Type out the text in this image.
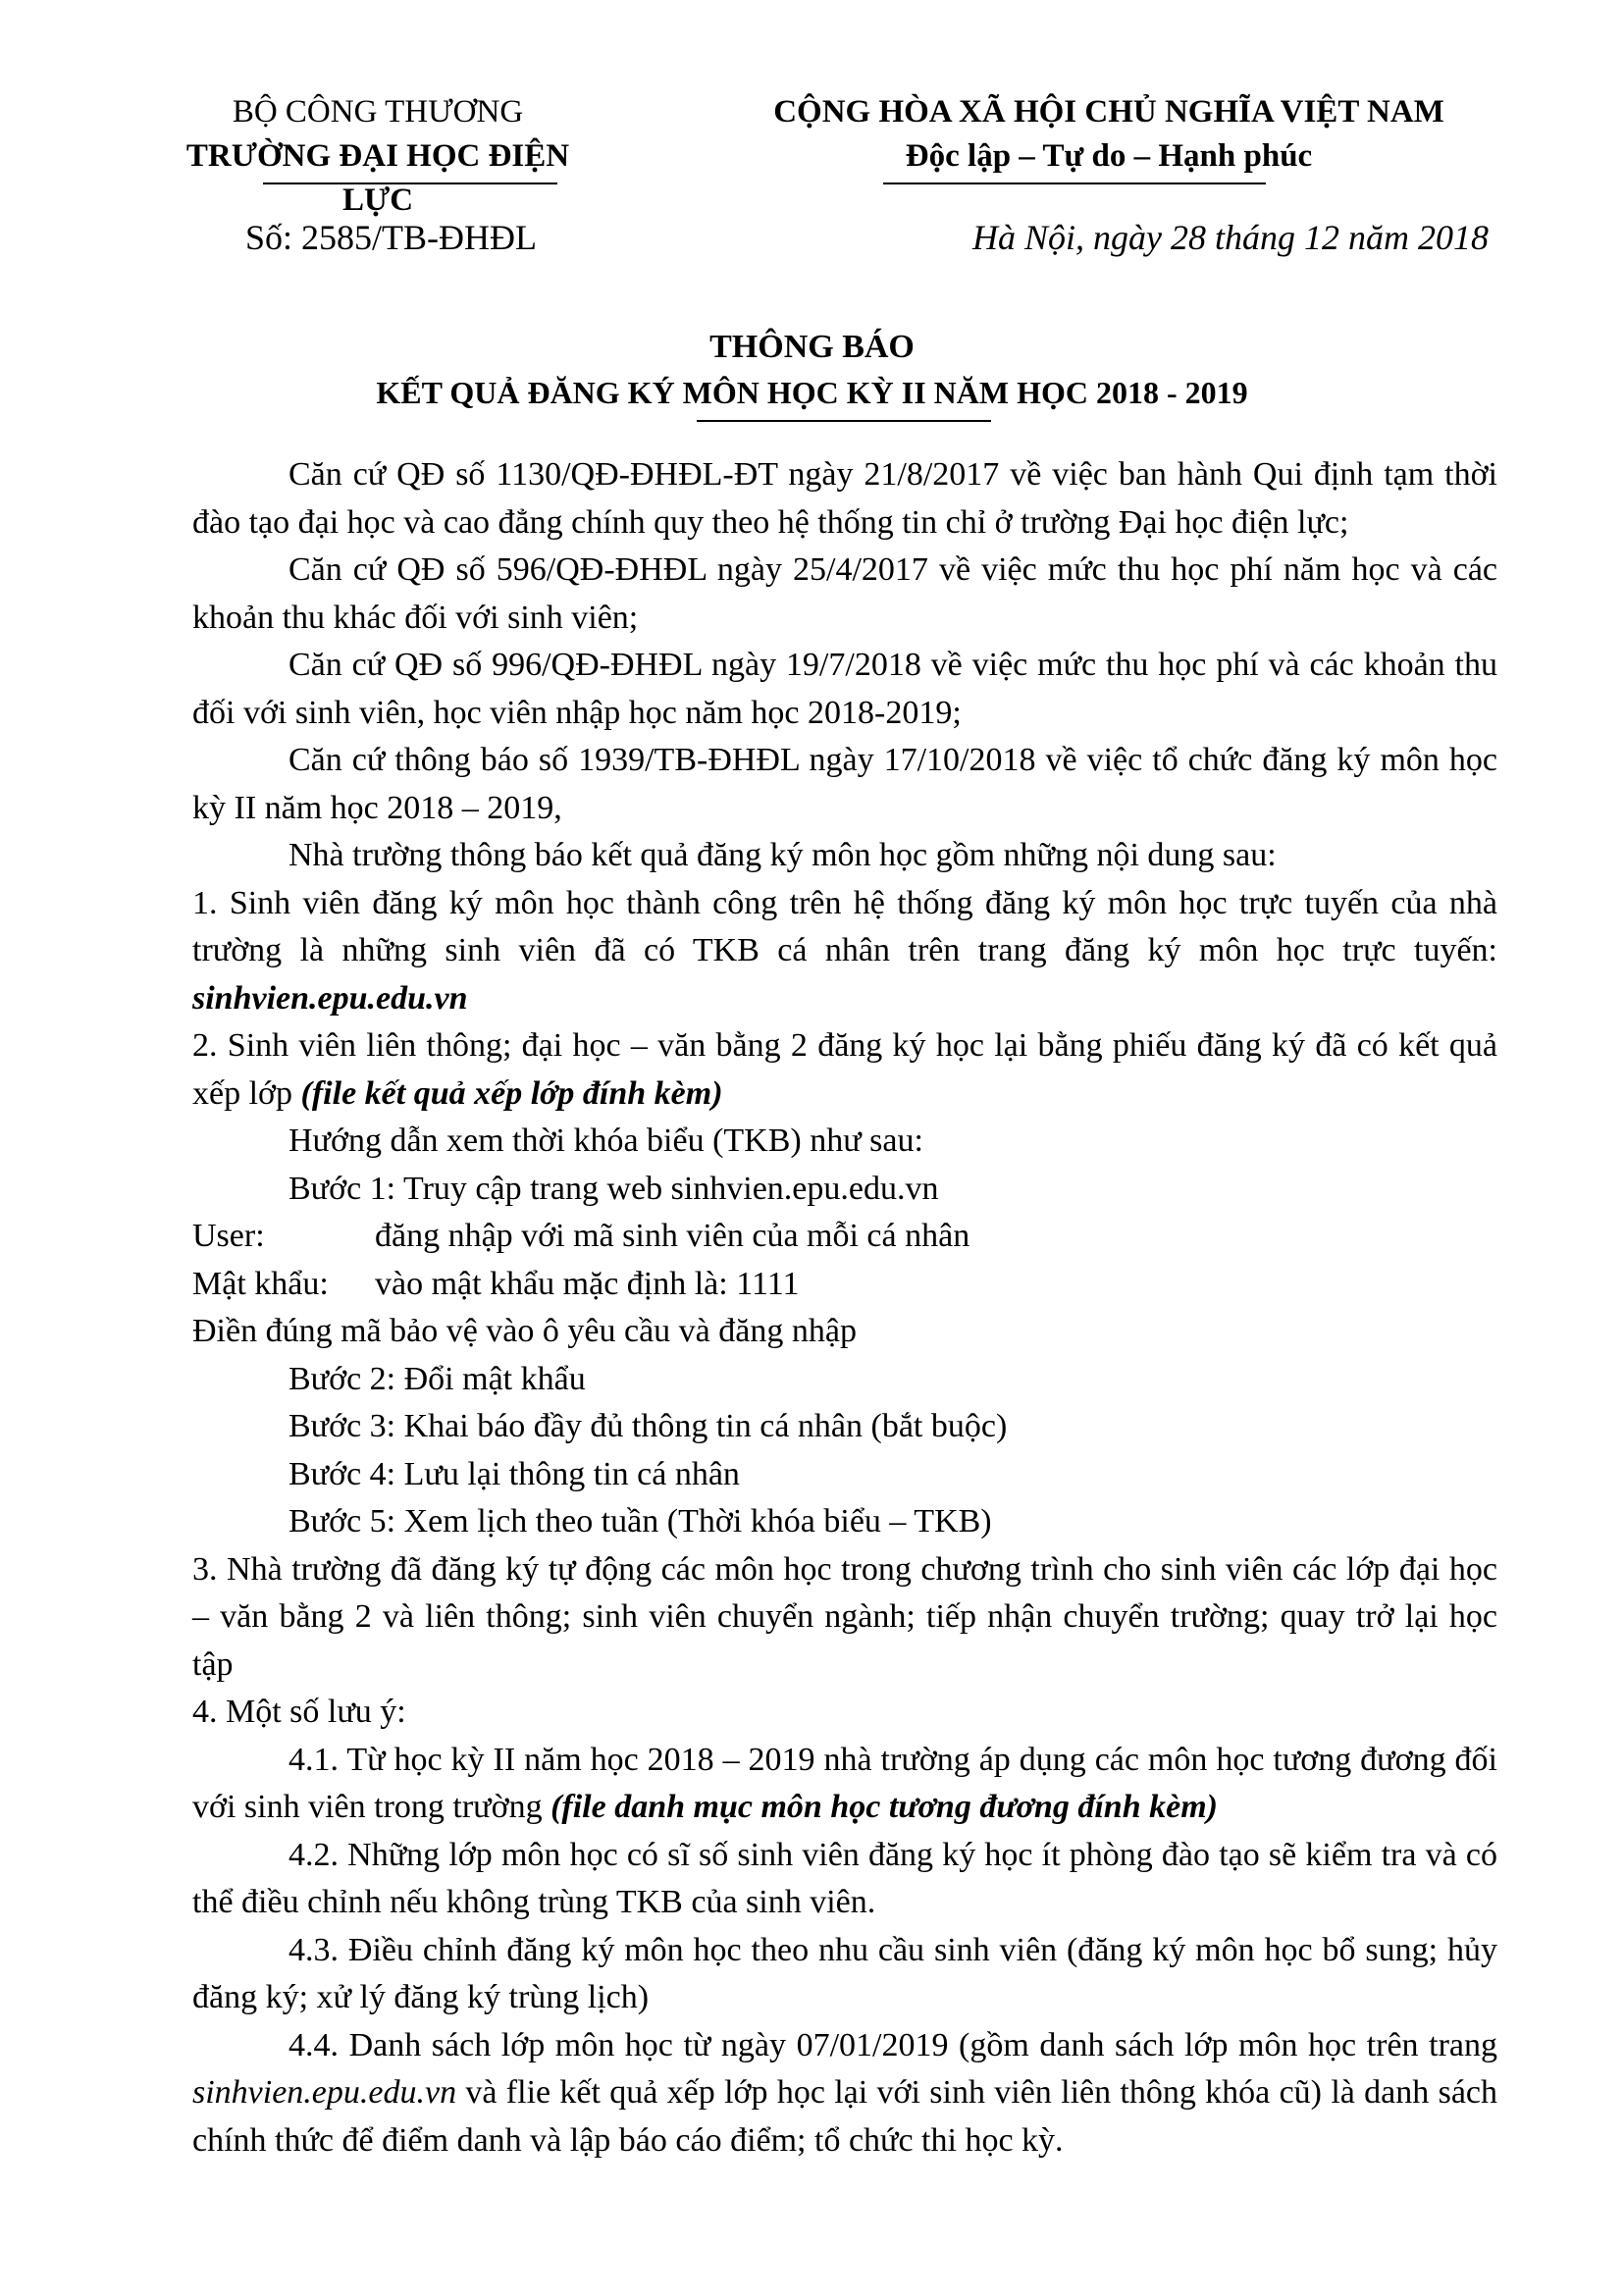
BỘ CÔNG THƯƠNG
TRƯỜNG ĐẠI HỌC ĐIỆN LỰC
CỘNG HÒA XÃ HỘI CHỦ NGHĨA VIỆT NAM
Độc lập – Tự do – Hạnh phúc
Số: 2585/TB-ĐHĐL	Hà Nội, ngày 28 tháng 12 năm 2018
THÔNG BÁO
KẾT QUẢ ĐĂNG KÝ MÔN HỌC KỲ II NĂM HỌC 2018 - 2019

Căn cứ QĐ số 1130/QĐ-ĐHĐL-ĐT ngày 21/8/2017 về việc ban hành Qui định tạm thời đào tạo đại học và cao đẳng chính quy theo hệ thống tin chỉ ở trường Đại học điện lực;

Căn cứ QĐ số 596/QĐ-ĐHĐL ngày 25/4/2017 về việc mức thu học phí năm học và các khoản thu khác đối với sinh viên;

Căn cứ QĐ số 996/QĐ-ĐHĐL ngày 19/7/2018 về việc mức thu học phí và các khoản thu đối với sinh viên, học viên nhập học năm học 2018-2019;

Căn cứ thông báo số 1939/TB-ĐHĐL ngày 17/10/2018 về việc tổ chức đăng ký môn học kỳ II năm học 2018 – 2019,

Nhà trường thông báo kết quả đăng ký môn học gồm những nội dung sau:

1. Sinh viên đăng ký môn học thành công trên hệ thống đăng ký môn học trực tuyến của nhà trường là những sinh viên đã có TKB cá nhân trên trang đăng ký môn học trực tuyến: sinhvien.epu.edu.vn

2. Sinh viên liên thông; đại học – văn bằng 2 đăng ký học lại bằng phiếu đăng ký đã có kết quả xếp lớp (file kết quả xếp lớp đính kèm)

Hướng dẫn xem thời khóa biểu (TKB) như sau:

Bước 1: Truy cập trang web sinhvien.epu.edu.vn

User:	đăng nhập với mã sinh viên của mỗi cá nhân

Mật khẩu: vào mật khẩu mặc định là: 1111

Điền đúng mã bảo vệ vào ô yêu cầu và đăng nhập

Bước 2: Đổi mật khẩu

Bước 3: Khai báo đầy đủ thông tin cá nhân (bắt buộc)

Bước 4: Lưu lại thông tin cá nhân

Bước 5: Xem lịch theo tuần (Thời khóa biểu – TKB)

3. Nhà trường đã đăng ký tự động các môn học trong chương trình cho sinh viên các lớp đại học – văn bằng 2 và liên thông; sinh viên chuyển ngành; tiếp nhận chuyển trường; quay trở lại học tập

4. Một số lưu ý:

4.1. Từ học kỳ II năm học 2018 – 2019 nhà trường áp dụng các môn học tương đương đối với sinh viên trong trường (file danh mục môn học tương đương đính kèm)

4.2. Những lớp môn học có sĩ số sinh viên đăng ký học ít phòng đào tạo sẽ kiểm tra và có thể điều chỉnh nếu không trùng TKB của sinh viên.

4.3. Điều chỉnh đăng ký môn học theo nhu cầu sinh viên (đăng ký môn học bổ sung; hủy đăng ký; xử lý đăng ký trùng lịch)

4.4. Danh sách lớp môn học từ ngày 07/01/2019 (gồm danh sách lớp môn học trên trang sinhvien.epu.edu.vn và flie kết quả xếp lớp học lại với sinh viên liên thông khóa cũ) là danh sách chính thức để điểm danh và lập báo cáo điểm; tổ chức thi học kỳ.
